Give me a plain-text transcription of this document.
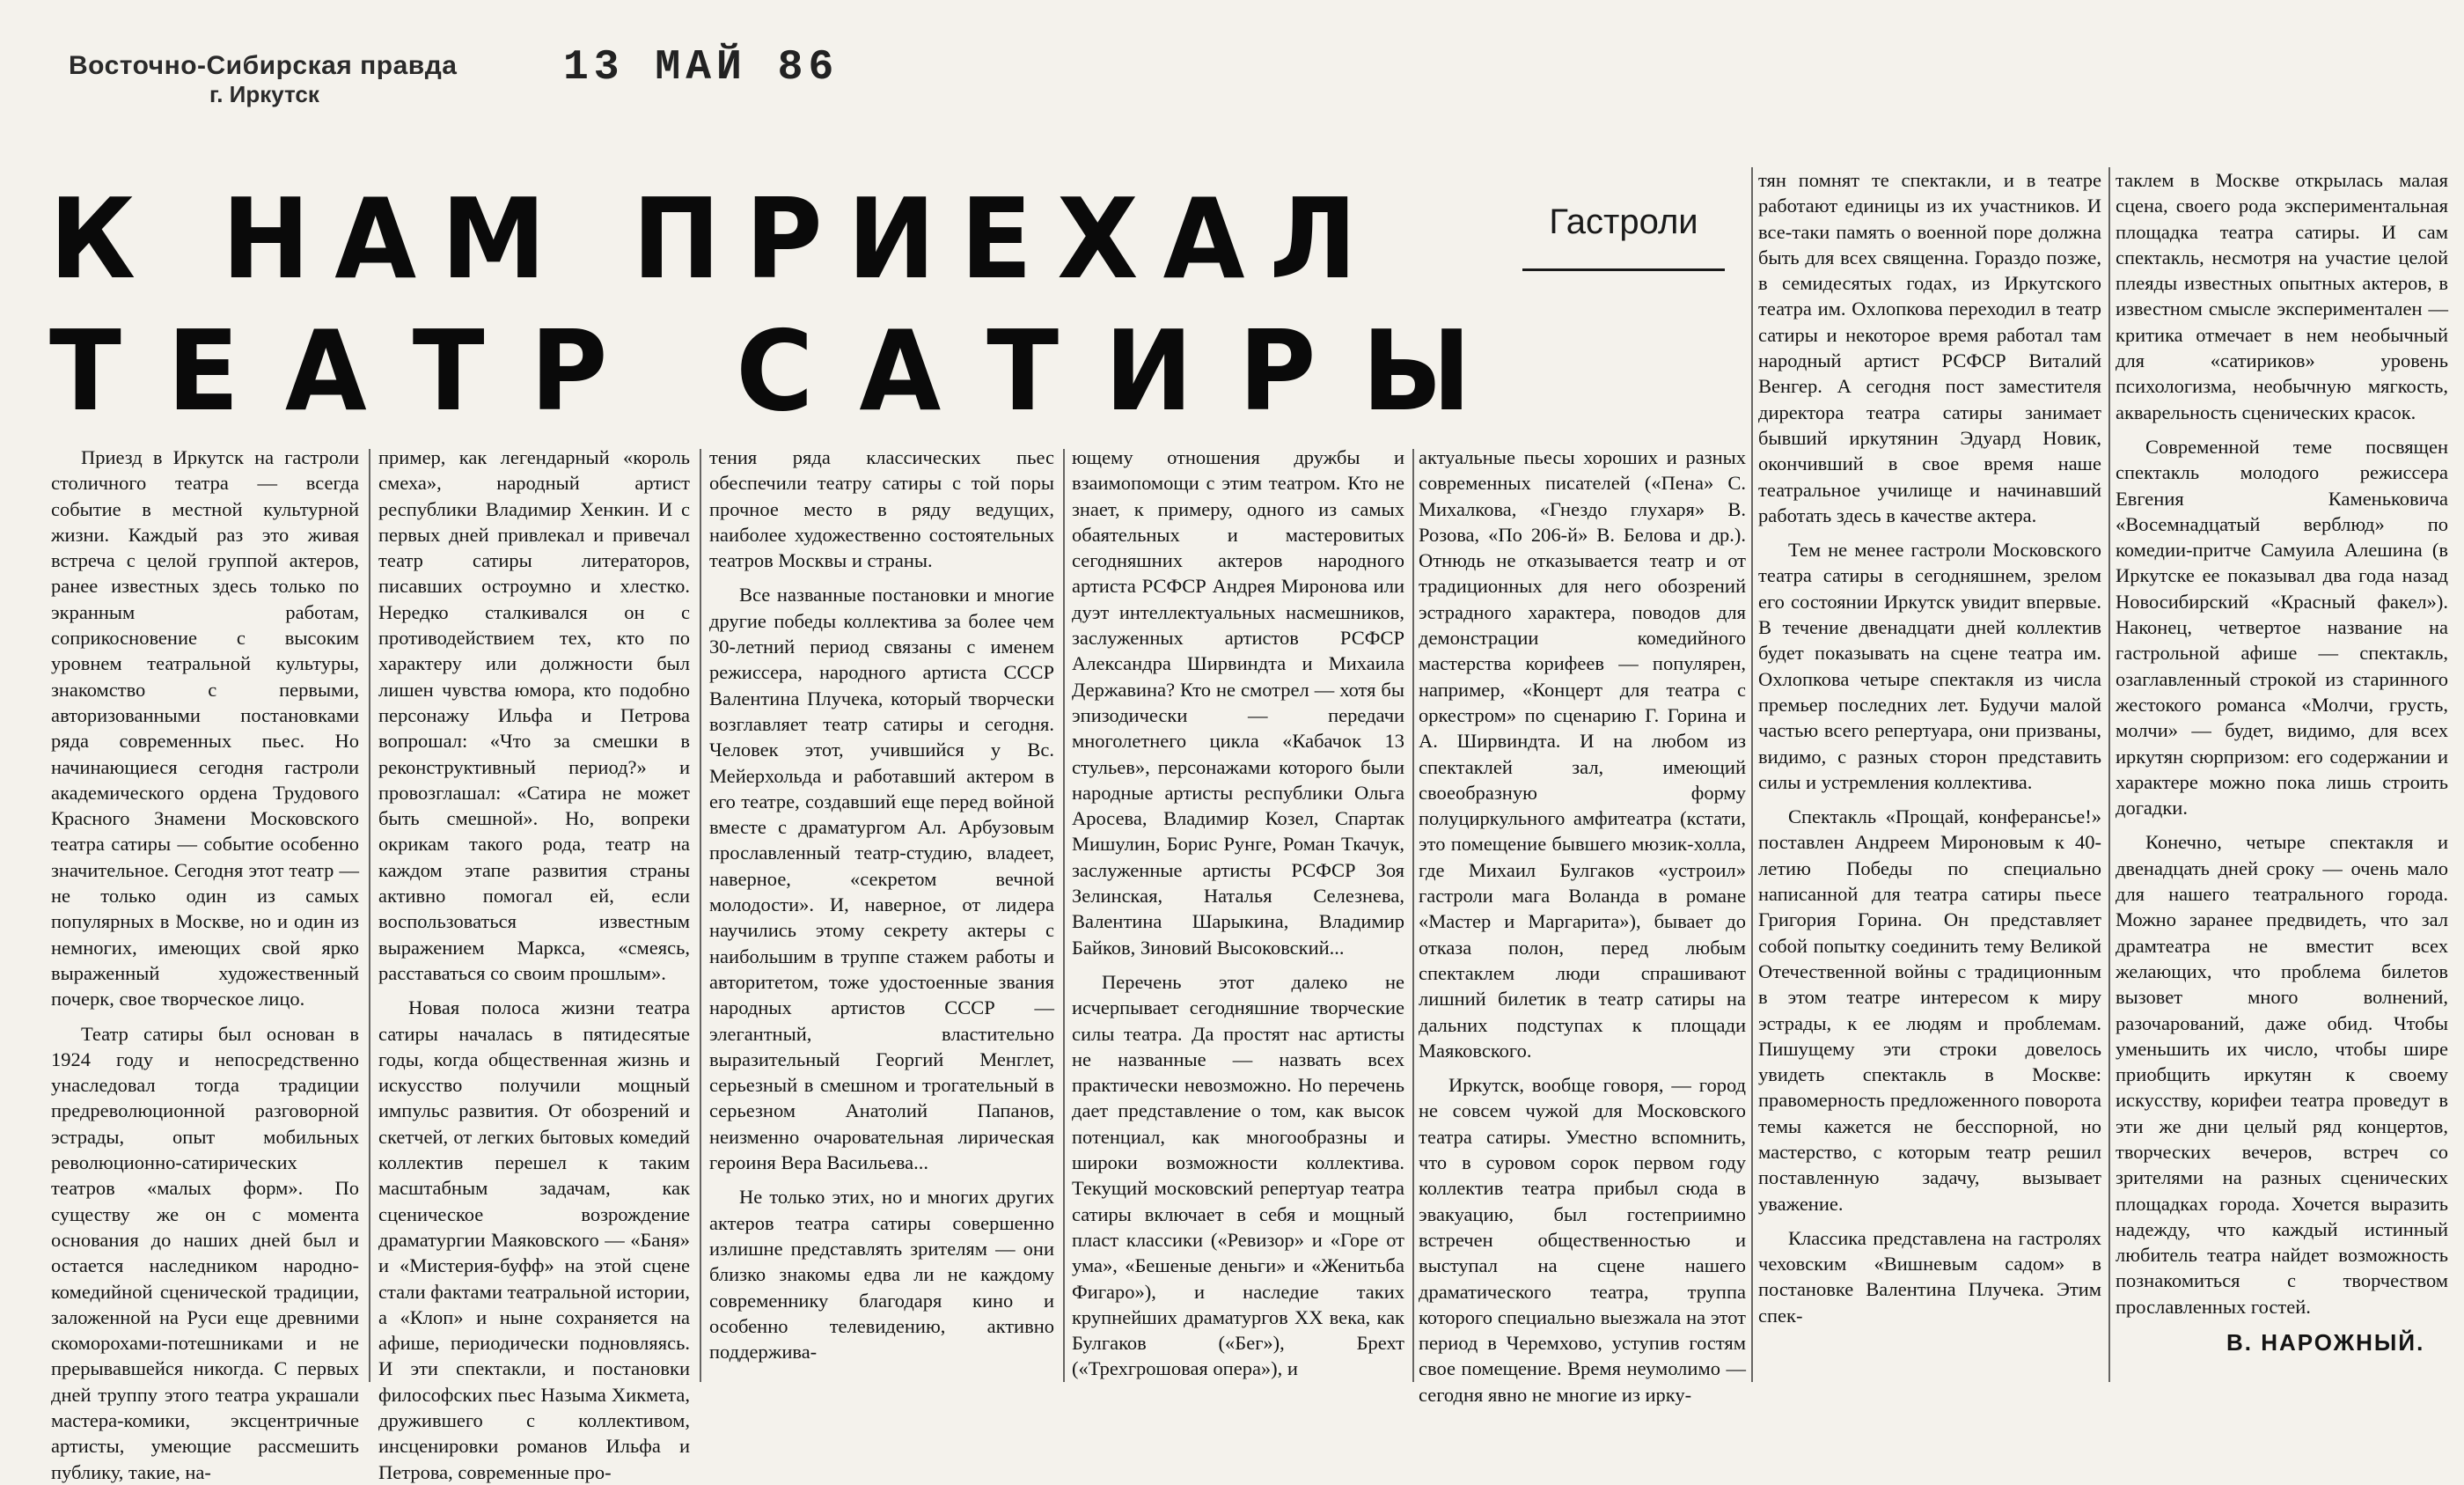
Восточно-Сибирская правда
г. Иркутск
13 МАЙ 86
К НАМ ПРИЕХАЛ
ТЕАТР САТИРЫ
Гастроли

Приезд в Иркутск на гастроли столичного театра — всегда событие в местной культурной жизни. Каждый раз это живая встреча с целой группой актеров, ранее известных здесь только по экранным работам, соприкосновение с высоким уровнем театральной культуры, знакомство с первыми, авторизованными постановками ряда современных пьес. Но начинающиеся сегодня гастроли академического ордена Трудового Красного Знамени Московского театра сатиры — событие особенно значительное. Сегодня этот театр — не только один из самых популярных в Москве, но и один из немногих, имеющих свой ярко выраженный художественный почерк, свое творческое лицо.

Театр сатиры был основан в 1924 году и непосредственно унаследовал тогда традиции предреволюционной разговорной эстрады, опыт мобильных революционно-сатирических театров «малых форм». По существу же он с момента основания до наших дней был и остается наследником народно-комедийной сценической традиции, заложенной на Руси еще древними скоморохами-потешниками и не прерывавшейся никогда. С первых дней труппу этого театра украшали мастера-комики, эксцентричные артисты, умеющие рассмешить публику, такие, на-

пример, как легендарный «король смеха», народный артист республики Владимир Хенкин. И с первых дней привлекал и привечал театр сатиры литераторов, писавших остроумно и хлестко. Нередко сталкивался он с противодействием тех, кто по характеру или должности был лишен чувства юмора, кто подобно персонажу Ильфа и Петрова вопрошал: «Что за смешки в реконструктивный период?» и провозглашал: «Сатира не может быть смешной». Но, вопреки окрикам такого рода, театр на каждом этапе развития страны активно помогал ей, если воспользоваться известным выражением Маркса, «смеясь, расставаться со своим прошлым».

Новая полоса жизни театра сатиры началась в пятидесятые годы, когда общественная жизнь и искусство получили мощный импульс развития. От обозрений и скетчей, от легких бытовых комедий коллектив перешел к таким масштабным задачам, как сценическое возрождение драматургии Маяковского — «Баня» и «Мистерия-буфф» на этой сцене стали фактами театральной истории, а «Клоп» и ныне сохраняется на афише, периодически подновляясь. И эти спектакли, и постановки философских пьес Назыма Хикмета, дружившего с коллективом, инсценировки романов Ильфа и Петрова, современные про-

тения ряда классических пьес обеспечили театру сатиры с той поры прочное место в ряду ведущих, наиболее художественно состоятельных театров Москвы и страны.

Все названные постановки и многие другие победы коллектива за более чем 30-летний период связаны с именем режиссера, народного артиста СССР Валентина Плучека, который творчески возглавляет театр сатиры и сегодня. Человек этот, учившийся у Вс. Мейерхольда и работавший актером в его театре, создавший еще перед войной вместе с драматургом Ал. Арбузовым прославленный театр-студию, владеет, наверное, «секретом вечной молодости». И, наверное, от лидера научились этому секрету актеры с наибольшим в труппе стажем работы и авторитетом, тоже удостоенные звания народных артистов СССР — элегантный, властительно выразительный Георгий Менглет, серьезный в смешном и трогательный в серьезном Анатолий Папанов, неизменно очаровательная лирическая героиня Вера Васильева...

Не только этих, но и многих других актеров театра сатиры совершенно излишне представлять зрителям — они близко знакомы едва ли не каждому современнику благодаря кино и особенно телевидению, активно поддержива-

ющему отношения дружбы и взаимопомощи с этим театром. Кто не знает, к примеру, одного из самых обаятельных и мастеровитых сегодняшних актеров народного артиста РСФСР Андрея Миронова или дуэт интеллектуальных насмешников, заслуженных артистов РСФСР Александра Ширвиндта и Михаила Державина? Кто не смотрел — хотя бы эпизодически — передачи многолетнего цикла «Кабачок 13 стульев», персонажами которого были народные артисты республики Ольга Аросева, Владимир Козел, Спартак Мишулин, Борис Рунге, Роман Ткачук, заслуженные артисты РСФСР Зоя Зелинская, Наталья Селезнева, Валентина Шарыкина, Владимир Байков, Зиновий Высоковский...

Перечень этот далеко не исчерпывает сегодняшние творческие силы театра. Да простят нас артисты не названные — назвать всех практически невозможно. Но перечень дает представление о том, как высок потенциал, как многообразны и широки возможности коллектива. Текущий московский репертуар театра сатиры включает в себя и мощный пласт классики («Ревизор» и «Горе от ума», «Бешеные деньги» и «Женитьба Фигаро»), и наследие таких крупнейших драматургов XX века, как Булгаков («Бег»), Брехт («Трехгрошовая опера»), и

актуальные пьесы хороших и разных современных писателей («Пена» С. Михалкова, «Гнездо глухаря» В. Розова, «По 206-й» В. Белова и др.). Отнюдь не отказывается театр и от традиционных для него обозрений эстрадного характера, поводов для демонстрации комедийного мастерства корифеев — популярен, например, «Концерт для театра с оркестром» по сценарию Г. Горина и А. Ширвиндта. И на любом из спектаклей зал, имеющий своеобразную форму полуциркульного амфитеатра (кстати, это помещение бывшего мюзик-холла, где Михаил Булгаков «устроил» гастроли мага Воланда в романе «Мастер и Маргарита»), бывает до отказа полон, перед любым спектаклем люди спрашивают лишний билетик в театр сатиры на дальних подступах к площади Маяковского.

Иркутск, вообще говоря, — город не совсем чужой для Московского театра сатиры. Уместно вспомнить, что в суровом сорок первом году коллектив театра прибыл сюда в эвакуацию, был гостеприимно встречен общественностью и выступал на сцене нашего драматического театра, труппа которого специально выезжала на этот период в Черемхово, уступив гостям свое помещение. Время неумолимо — сегодня явно не многие из ирку-

тян помнят те спектакли, и в театре работают единицы из их участников. И все-таки память о военной поре должна быть для всех священна. Гораздо позже, в семидесятых годах, из Иркутского театра им. Охлопкова переходил в театр сатиры и некоторое время работал там народный артист РСФСР Виталий Венгер. А сегодня пост заместителя директора театра сатиры занимает бывший иркутянин Эдуард Новик, окончивший в свое время наше театральное училище и начинавший работать здесь в качестве актера.

Тем не менее гастроли Московского театра сатиры в сегодняшнем, зрелом его состоянии Иркутск увидит впервые. В течение двенадцати дней коллектив будет показывать на сцене театра им. Охлопкова четыре спектакля из числа премьер последних лет. Будучи малой частью всего репертуара, они призваны, видимо, с разных сторон представить силы и устремления коллектива.

Спектакль «Прощай, конферансье!» поставлен Андреем Мироновым к 40-летию Победы по специально написанной для театра сатиры пьесе Григория Горина. Он представляет собой попытку соединить тему Великой Отечественной войны с традиционным в этом театре интересом к миру эстрады, к ее людям и проблемам. Пишущему эти строки довелось увидеть спектакль в Москве: правомерность предложенного поворота темы кажется не бесспорной, но мастерство, с которым театр решил поставленную задачу, вызывает уважение.

Классика представлена на гастролях чеховским «Вишневым садом» в постановке Валентина Плучека. Этим спек-

таклем в Москве открылась малая сцена, своего рода экспериментальная площадка театра сатиры. И сам спектакль, несмотря на участие целой плеяды известных опытных актеров, в известном смысле экспериментален — критика отмечает в нем необычный для «сатириков» уровень психологизма, необычную мягкость, акварельность сценических красок.

Современной теме посвящен спектакль молодого режиссера Евгения Каменьковича «Восемнадцатый верблюд» по комедии-притче Самуила Алешина (в Иркутске ее показывал два года назад Новосибирский «Красный факел»). Наконец, четвертое название на гастрольной афише — спектакль, озаглавленный строкой из старинного жестокого романса «Молчи, грусть, молчи» — будет, видимо, для всех иркутян сюрпризом: его содержании и характере можно пока лишь строить догадки.

Конечно, четыре спектакля и двенадцать дней сроку — очень мало для нашего театрального города. Можно заранее предвидеть, что зал драмтеатра не вместит всех желающих, что проблема билетов вызовет много волнений, разочарований, даже обид. Чтобы уменьшить их число, чтобы шире приобщить иркутян к своему искусству, корифеи театра проведут в эти же дни целый ряд концертов, творческих вечеров, встреч со зрителями на разных сценических площадках города. Хочется выразить надежду, что каждый истинный любитель театра найдет возможность познакомиться с творчеством прославленных гостей.

В. НАРОЖНЫЙ.
